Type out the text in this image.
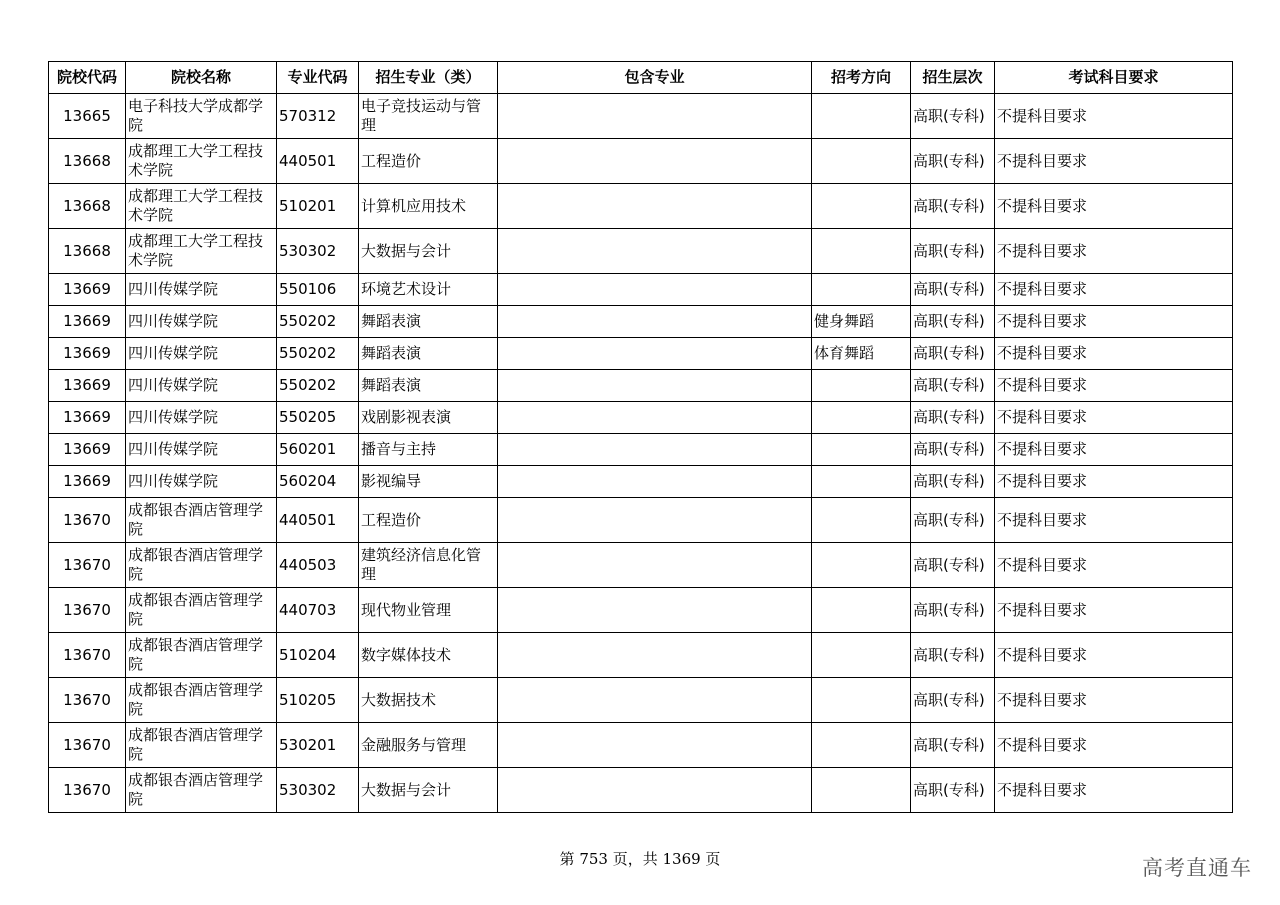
院校代码	院校名称	专业代码	招生专业（类）	包含专业	招考方向	招生层次	考试科目要求
13665	电子科技大学成都学院	570312	电子竞技运动与管理			高职(专科)	不提科目要求
13668	成都理工大学工程技术学院	440501	工程造价			高职(专科)	不提科目要求
13668	成都理工大学工程技术学院	510201	计算机应用技术			高职(专科)	不提科目要求
13668	成都理工大学工程技术学院	530302	大数据与会计			高职(专科)	不提科目要求
13669	四川传媒学院	550106	环境艺术设计			高职(专科)	不提科目要求
13669	四川传媒学院	550202	舞蹈表演		健身舞蹈	高职(专科)	不提科目要求
13669	四川传媒学院	550202	舞蹈表演		体育舞蹈	高职(专科)	不提科目要求
13669	四川传媒学院	550202	舞蹈表演			高职(专科)	不提科目要求
13669	四川传媒学院	550205	戏剧影视表演			高职(专科)	不提科目要求
13669	四川传媒学院	560201	播音与主持			高职(专科)	不提科目要求
13669	四川传媒学院	560204	影视编导			高职(专科)	不提科目要求
13670	成都银杏酒店管理学院	440501	工程造价			高职(专科)	不提科目要求
13670	成都银杏酒店管理学院	440503	建筑经济信息化管理			高职(专科)	不提科目要求
13670	成都银杏酒店管理学院	440703	现代物业管理			高职(专科)	不提科目要求
13670	成都银杏酒店管理学院	510204	数字媒体技术			高职(专科)	不提科目要求
13670	成都银杏酒店管理学院	510205	大数据技术			高职(专科)	不提科目要求
13670	成都银杏酒店管理学院	530201	金融服务与管理			高职(专科)	不提科目要求
13670	成都银杏酒店管理学院	530302	大数据与会计			高职(专科)	不提科目要求
第 753 页，共 1369 页	高考直通车
